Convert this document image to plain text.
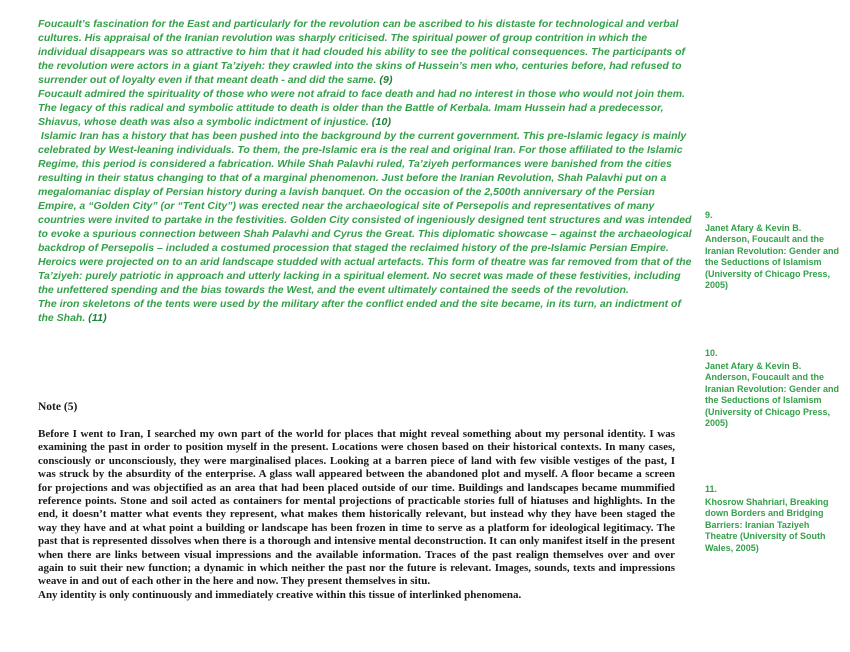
Foucault’s fascination for the East and particularly for the revolution can be ascribed to his distaste for technological and verbal cultures. His appraisal of the Iranian revolution was sharply criticised. The spiritual power of group contrition in which the individual disappears was so attractive to him that it had clouded his ability to see the political consequences. The participants of the revolution were actors in a giant Ta’ziyeh: they crawled into the skins of Hussein’s men who, centuries before, had refused to surrender out of loyalty even if that meant death - and did the same. (9)

Foucault admired the spirituality of those who were not afraid to face death and had no interest in those who would not join them. The legacy of this radical and symbolic attitude to death is older than the Battle of Kerbala. Imam Hussein had a predecessor, Shiavus, whose death was also a symbolic indictment of injustice. (10)

Islamic Iran has a history that has been pushed into the background by the current government. This pre-Islamic legacy is mainly celebrated by West-leaning individuals. To them, the pre-Islamic era is the real and original Iran. For those affiliated to the Islamic Regime, this period is considered a fabrication. While Shah Palavhi ruled, Ta’ziyeh performances were banished from the cities resulting in their status changing to that of a marginal phenomenon. Just before the Iranian Revolution, Shah Palavhi put on a megalomaniac display of Persian history during a lavish banquet. On the occasion of the 2,500th anniversary of the Persian Empire, a “Golden City” (or “Tent City”) was erected near the archaeological site of Persepolis and representatives of many countries were invited to partake in the festivities. Golden City consisted of ingeniously designed tent structures and was intended to evoke a spurious connection between Shah Palavhi and Cyrus the Great. This diplomatic showcase – against the archaeological backdrop of Persepolis – included a costumed procession that staged the reclaimed history of the pre-Islamic Persian Empire. Heroics were projected on to an arid landscape studded with actual artefacts. This form of theatre was far removed from that of the Ta’ziyeh: purely patriotic in approach and utterly lacking in a spiritual element. No secret was made of these festivities, including the unfettered spending and the bias towards the West, and the event ultimately contained the seeds of the revolution.

The iron skeletons of the tents were used by the military after the conflict ended and the site became, in its turn, an indictment of the Shah. (11)

9.
Janet Afary & Kevin B. Anderson, Foucault and the Iranian Revolution: Gender and the Seductions of Islamism (University of Chicago Press, 2005)
10.
Janet Afary & Kevin B. Anderson, Foucault and the Iranian Revolution: Gender and the Seductions of Islamism (University of Chicago Press, 2005)
11.
Khosrow Shahriari, Breaking down Borders and Bridging Barriers: Iranian Taziyeh Theatre (University of South Wales, 2005)
Note (5)

Before I went to Iran, I searched my own part of the world for places that might reveal something about my personal identity. I was examining the past in order to position myself in the present. Locations were chosen based on their historical contexts. In many cases, consciously or unconsciously, they were marginalised places. Looking at a barren piece of land with few visible vestiges of the past, I was struck by the absurdity of the enterprise. A glass wall appeared between the abandoned plot and myself. A floor became a screen for projections and was objectified as an area that had been placed outside of our time. Buildings and landscapes became mummified reference points. Stone and soil acted as containers for mental projections of practicable stories full of hiatuses and highlights. In the end, it doesn’t matter what events they represent, what makes them historically relevant, but instead why they have been staged the way they have and at what point a building or landscape has been frozen in time to serve as a platform for ideological legitimacy. The past that is represented dissolves when there is a thorough and intensive mental deconstruction. It can only manifest itself in the present when there are links between visual impressions and the available information. Traces of the past realign themselves over and over again to suit their new function; a dynamic in which neither the past nor the future is relevant. Images, sounds, texts and impressions weave in and out of each other in the here and now. They present themselves in situ.

Any identity is only continuously and immediately creative within this tissue of interlinked phenomena.
